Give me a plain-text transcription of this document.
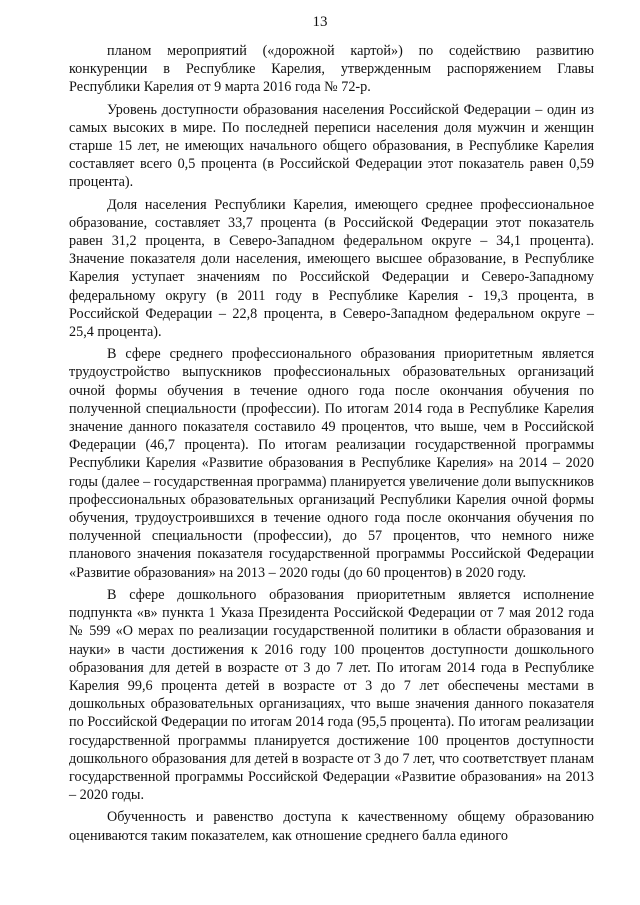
13

планом мероприятий («дорожной картой») по содействию развитию конкуренции в Республике Карелия, утвержденным распоряжением Главы Республики Карелия от 9 марта 2016 года № 72-р.

Уровень доступности образования населения Российской Федерации – один из самых высоких в мире. По последней переписи населения доля мужчин и женщин старше 15 лет, не имеющих начального общего образования, в Республике Карелия составляет всего 0,5 процента (в Российской Федерации этот показатель равен 0,59 процента).

Доля населения Республики Карелия, имеющего среднее профессиональное образование, составляет 33,7 процента (в Российской Федерации этот показатель равен 31,2 процента, в Северо-Западном федеральном округе – 34,1 процента). Значение показателя доли населения, имеющего высшее образование, в Республике Карелия уступает значениям по Российской Федерации и Северо-Западному федеральному округу (в 2011 году в Республике Карелия - 19,3 процента, в Российской Федерации – 22,8 процента, в Северо-Западном федеральном округе – 25,4 процента).

В сфере среднего профессионального образования приоритетным является трудоустройство выпускников профессиональных образовательных организаций очной формы обучения в течение одного года после окончания обучения по полученной специальности (профессии). По итогам 2014 года в Республике Карелия значение данного показателя составило 49 процентов, что выше, чем в Российской Федерации (46,7 процента). По итогам реализации государственной программы Республики Карелия «Развитие образования в Республике Карелия» на 2014 – 2020 годы (далее – государственная программа) планируется увеличение доли выпускников профессиональных образовательных организаций Республики Карелия очной формы обучения, трудоустроившихся в течение одного года после окончания обучения по полученной специальности (профессии), до 57 процентов, что немного ниже планового значения показателя государственной программы Российской Федерации «Развитие образования» на 2013 – 2020 годы (до 60 процентов) в 2020 году.

В сфере дошкольного образования приоритетным является исполнение подпункта «в» пункта 1 Указа Президента Российской Федерации от 7 мая 2012 года № 599 «О мерах по реализации государственной политики в области образования и науки» в части достижения к 2016 году 100 процентов доступности дошкольного образования для детей в возрасте от 3 до 7 лет. По итогам 2014 года в Республике Карелия 99,6 процента детей в возрасте от 3 до 7 лет обеспечены местами в дошкольных образовательных организациях, что выше значения данного показателя по Российской Федерации по итогам 2014 года (95,5 процента). По итогам реализации государственной программы планируется достижение 100 процентов доступности дошкольного образования для детей в возрасте от 3 до 7 лет, что соответствует планам государственной программы Российской Федерации «Развитие образования» на 2013 – 2020 годы.

Обученность и равенство доступа к качественному общему образованию оцениваются таким показателем, как отношение среднего балла единого
